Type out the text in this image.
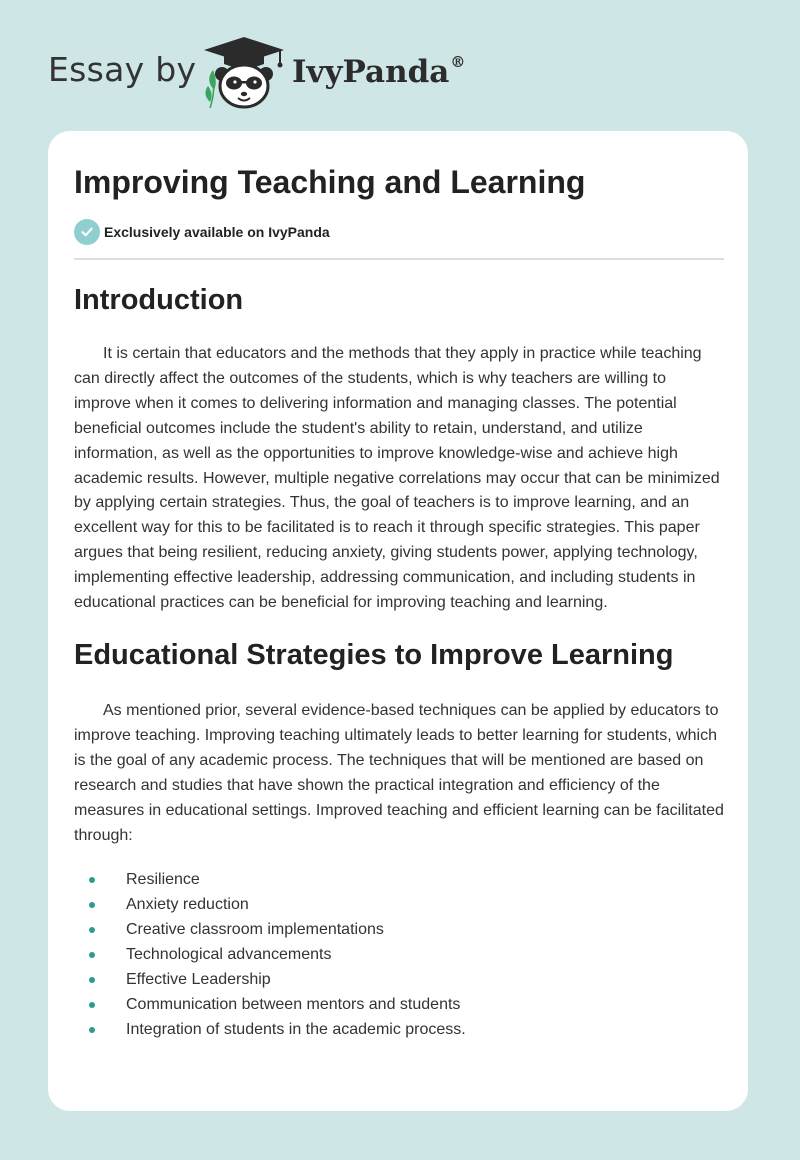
Essay by	IvyPanda®
Improving Teaching and Learning
Exclusively available on IvyPanda
Introduction

It is certain that educators and the methods that they apply in practice while teaching can directly affect the outcomes of the students, which is why teachers are willing to improve when it comes to delivering information and managing classes. The potential beneficial outcomes include the student's ability to retain, understand, and utilize information, as well as the opportunities to improve knowledge-wise and achieve high academic results. However, multiple negative correlations may occur that can be minimized by applying certain strategies. Thus, the goal of teachers is to improve learning, and an excellent way for this to be facilitated is to reach it through specific strategies. This paper argues that being resilient, reducing anxiety, giving students power, applying technology, implementing effective leadership, addressing communication, and including students in educational practices can be beneficial for improving teaching and learning.

Educational Strategies to Improve Learning

As mentioned prior, several evidence-based techniques can be applied by educators to improve teaching. Improving teaching ultimately leads to better learning for students, which is the goal of any academic process. The techniques that will be mentioned are based on research and studies that have shown the practical integration and efficiency of the measures in educational settings. Improved teaching and efficient learning can be facilitated through:

Resilience
Anxiety reduction
Creative classroom implementations
Technological advancements
Effective Leadership
Communication between mentors and students
Integration of students in the academic process.
